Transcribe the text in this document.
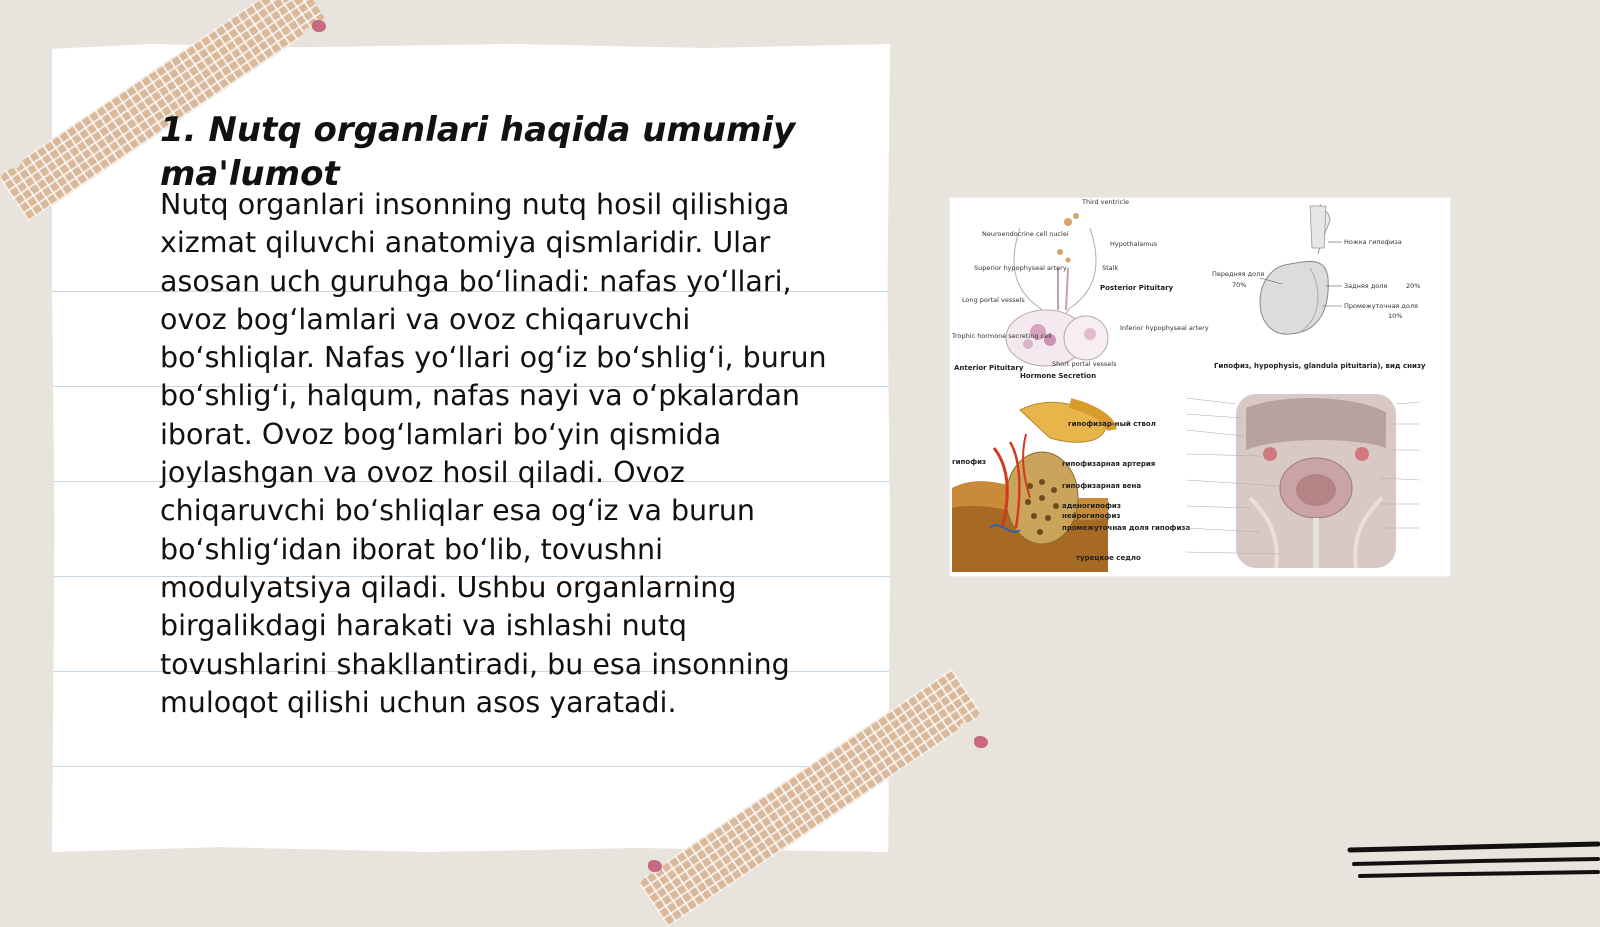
1. Nutq organlari haqida umumiy ma'lumot

Nutq organlari insonning nutq hosil qilishiga xizmat qiluvchi anatomiya qismlaridir. Ular asosan uch guruhga bo‘linadi: nafas yo‘llari, ovoz bog‘lamlari va ovoz chiqaruvchi bo‘shliqlar. Nafas yo‘llari og‘iz bo‘shlig‘i, burun bo‘shlig‘i, halqum, nafas nayi va o‘pkalardan iborat. Ovoz bog‘lamlari bo‘yin qismida joylashgan va ovoz hosil qiladi. Ovoz chiqaruvchi bo‘shliqlar esa og‘iz va burun bo‘shlig‘idan iborat bo‘lib, tovushni modulyatsiya qiladi. Ushbu organlarning birgalikdagi harakati va ishlashi nutq tovushlarini shakllantiradi, bu esa insonning muloqot qilishi uchun asos yaratadi.

Third ventricle
Neuroendocrine cell nuclei
Hypothalamus
Superior hypophyseal artery	Stalk
Long portal vessels
Posterior Pituitary
Trophic hormone secreting cell
Inferior hypophyseal artery
Anterior Pituitary	Short portal vessels
Hormone Secretion
Ножка гипофиза
Передняя доля
70%	Задняя доля	20%
Промежуточная доля
10%
гипофизар-ный ствол
гипофиз	гипофизарная артерия
гипофизарная вена
аденогипофиз
нейрогипофиз
промежуточная доля гипофиза
турецкое седло
Гипофиз, hypophysis, glandula pituitaria), вид снизу
